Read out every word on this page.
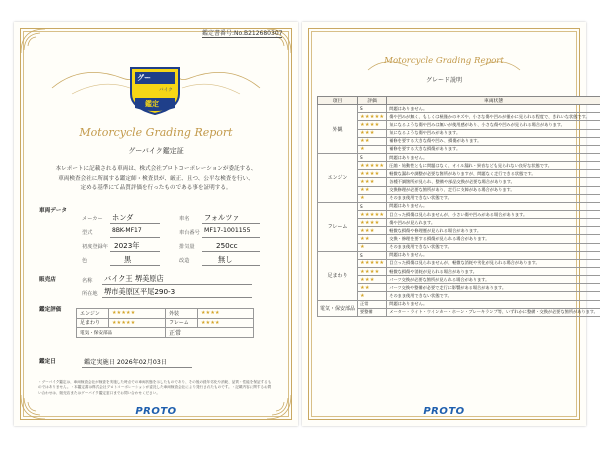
鑑定書番号:No.B212680307
グー
バイク
鑑定
Motorcycle Grading Report
グーバイク鑑定証
本レポートに記載される車両は、株式会社プロトコーポレーションが委託する、
車両検査会社に所属する鑑定師・検査員が、厳正、且つ、公平な検査を行い、
定める基準にて品質評価を行ったものである事を証明する。
車両データ
メーカー ホンダ	車名 フォルツァ
型式	8BK-MF17	車台番号 MF17-1001155
初度登録年 2023年	排気量	250cc
色	黒	改造	無し
販売店	名称 バイク王 堺美原店
所在地 堺市美原区平尾290-3
鑑定評価
エンジン	★★★★★	外装	★★★★
足まわり	★★★★★	フレーム	★★★★
電気・保安部品		正常	
鑑定日	鑑定実施日 2026年02月03日
・グーバイク鑑定は、車両検査会社が検査を実施した時点での車両状態を示したものであり、その後の経年劣化や消耗、品質・性能を保証するものではありません。・本鑑定書は株式会社プロトコーポレーションが委託した車両検査会社により発行されたものです。・記載内容に関するお問い合わせは、販売店またはグーバイク鑑定窓口までお問い合わせください。
PROTO
Motorcycle Grading Report
グレード説明
項目	評価	車両状態
外観	S	問題はありません。
	★★★★★	傷や凹みが無く、もしくは極僅かのキズや、小さな傷や凹みが僅かに見られる程度で、きれいな状態です。
	★★★★	気になるような傷や凹みは無いが使用感があり、小さな傷や凹みが見られる場合があります。
	★★★	気になるような傷や凹みがあります。
	★★	補修を要する大きな傷や凹み、損傷があります。
	★	補修を要する大きな損傷があります。
エンジン	S	問題はありません。
	★★★★★	圧縮・始動性ともに問題はなく、オイル漏れ・異音なども見られない良好な状態です。
	★★★★	軽微な漏れや調整が必要な箇所がありますが、問題なく走行できる状態です。
	★★★	各種不調箇所が見られ、整備や部品交換が必要な場合があります。
	★★	交換修理が必要な箇所があり、走行に支障がある場合があります。
	★	そのまま使用できない状態です。
フレーム	S	問題はありません。
	★★★★★	目立った損傷は見られませんが、小さい傷や凹みがある場合があります。
	★★★★	傷や凹みが見られます。
	★★★	軽微な損傷や修理歴が見られる場合があります。
	★★	交換・修理を要する損傷が見られる場合があります。
	★	そのまま使用できない状態です。
足まわり	S	問題はありません。
	★★★★★	目立った損傷は見られませんが、軽微な消耗や劣化が見られる場合があります。
	★★★★	軽微な損傷や消耗が見られる場合があります。
	★★★	パーツ交換が必要な箇所が見られる場合があります。
	★★	パーツ交換や整備が必要で走行に影響がある場合があります。
	★	そのまま使用できない状態です。
電気・保安部品	正常	問題はありません。
	要整備	メーター・ライト・ウインカー・ホーン・ブレーキランプ等、いずれかに整備・交換が必要な箇所があります。
PROTO
